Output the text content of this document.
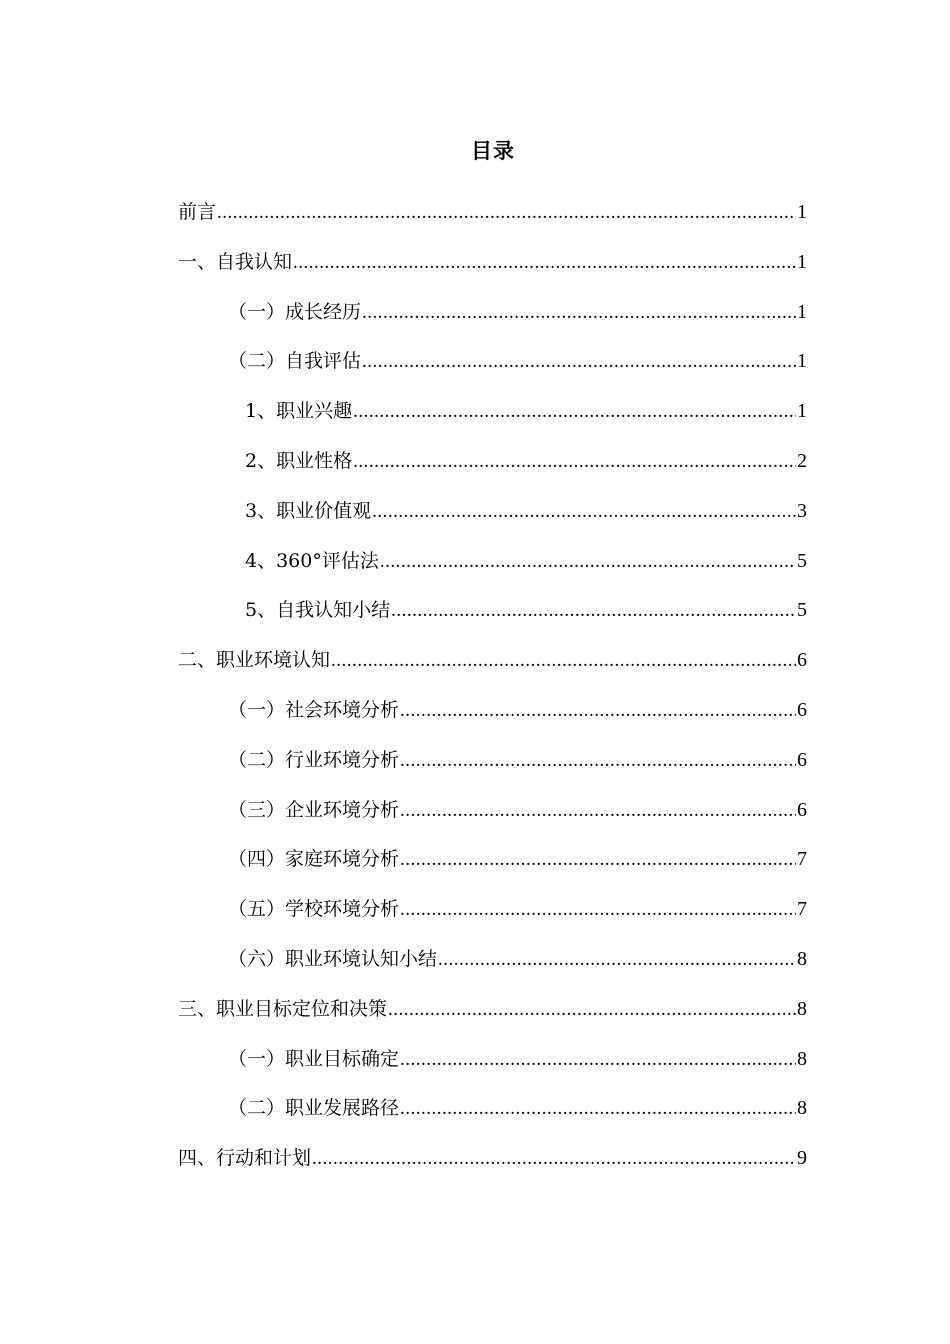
目录
前言 .....	1
一、自我认知 .....	1
（一）成长经历 .....	1
（二）自我评估 .....	1
1、职业兴趣 .....	1
2、职业性格 .....	2
3、职业价值观 .....	3
4、360°评估法 .....	5
5、自我认知小结 .....	5
二、职业环境认知 .....	6
（一）社会环境分析 .....	6
（二）行业环境分析 .....	6
（三）企业环境分析 .....	6
（四）家庭环境分析 .....	7
（五）学校环境分析 .....	7
（六）职业环境认知小结 .....	8
三、职业目标定位和决策 .....	8
（一）职业目标确定 .....	8
（二）职业发展路径 .....	8
四、行动和计划 .....	9
